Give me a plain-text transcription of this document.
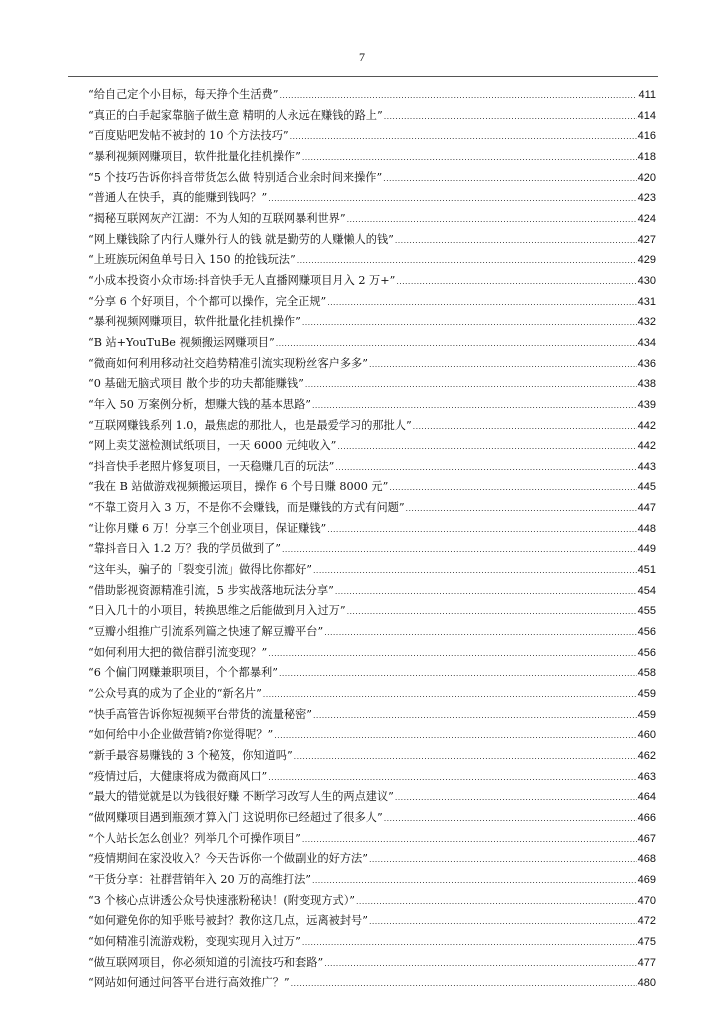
7
“给自己定个小目标，每天挣个生活费” .....	411
“真正的白手起家靠脑子做生意 精明的人永远在赚钱的路上” .....	414
“百度贴吧发帖不被封的 10 个方法技巧” .....	416
“暴利视频网赚项目，软件批量化挂机操作” .....	418
“5 个技巧告诉你抖音带货怎么做 特别适合业余时间来操作” .....	420
“普通人在快手，真的能赚到钱吗？” .....	423
“揭秘互联网灰产江湖：不为人知的互联网暴利世界” .....	424
“网上赚钱除了内行人赚外行人的钱 就是勤劳的人赚懒人的钱” .....	427
“上班族玩闲鱼单号日入 150 的抢钱玩法” .....	429
“小成本投资小众市场:抖音快手无人直播网赚项目月入 2 万+” .....	430
“分享 6 个好项目，个个都可以操作，完全正规” .....	431
“暴利视频网赚项目，软件批量化挂机操作” .....	432
“B 站+YouTuBe 视频搬运网赚项目” .....	434
“微商如何利用移动社交趋势精准引流实现粉丝客户多多” .....	436
“0 基础无脑式项目 散个步的功夫都能赚钱” .....	438
“年入 50 万案例分析，想赚大钱的基本思路” .....	439
“互联网赚钱系列 1.0，最焦虑的那批人，也是最爱学习的那批人” .....	442
“网上卖艾滋检测试纸项目，一天 6000 元纯收入” .....	442
“抖音快手老照片修复项目，一天稳赚几百的玩法” .....	443
“我在 B 站做游戏视频搬运项目，操作 6 个号日赚 8000 元” .....	445
“不靠工资月入 3 万，不是你不会赚钱，而是赚钱的方式有问题” .....	447
“让你月赚 6 万！分享三个创业项目，保证赚钱” .....	448
“靠抖音日入 1.2 万？我的学员做到了” .....	449
“这年头，骗子的「裂变引流」做得比你都好” .....	451
“借助影视资源精准引流，5 步实战落地玩法分享” .....	454
“日入几十的小项目，转换思维之后能做到月入过万” .....	455
“豆瓣小组推广引流系列篇之快速了解豆瓣平台” .....	456
“如何利用大把的微信群引流变现？” .....	456
“6 个偏门网赚兼职项目，个个都暴利” .....	458
“公众号真的成为了企业的“新名片” .....	459
“快手高管告诉你短视频平台带货的流量秘密” .....	459
“如何给中小企业做营销?你觉得呢？” .....	460
“新手最容易赚钱的 3 个秘笈，你知道吗” .....	462
“疫情过后，大健康将成为微商风口” .....	463
“最大的错觉就是以为钱很好赚 不断学习改写人生的两点建议” .....	464
“做网赚项目遇到瓶颈才算入门 这说明你已经超过了很多人” .....	466
“个人站长怎么创业？列举几个可操作项目” .....	467
“疫情期间在家没收入？今天告诉你一个做副业的好方法” .....	468
“干货分享：社群营销年入 20 万的高维打法” .....	469
“3 个核心点讲透公众号快速涨粉秘诀！(附变现方式）” .....	470
“如何避免你的知乎账号被封？教你这几点，远离被封号” .....	472
“如何精准引流游戏粉，变现实现月入过万” .....	475
“做互联网项目，你必须知道的引流技巧和套路” .....	477
“网站如何通过问答平台进行高效推广？” .....	480
